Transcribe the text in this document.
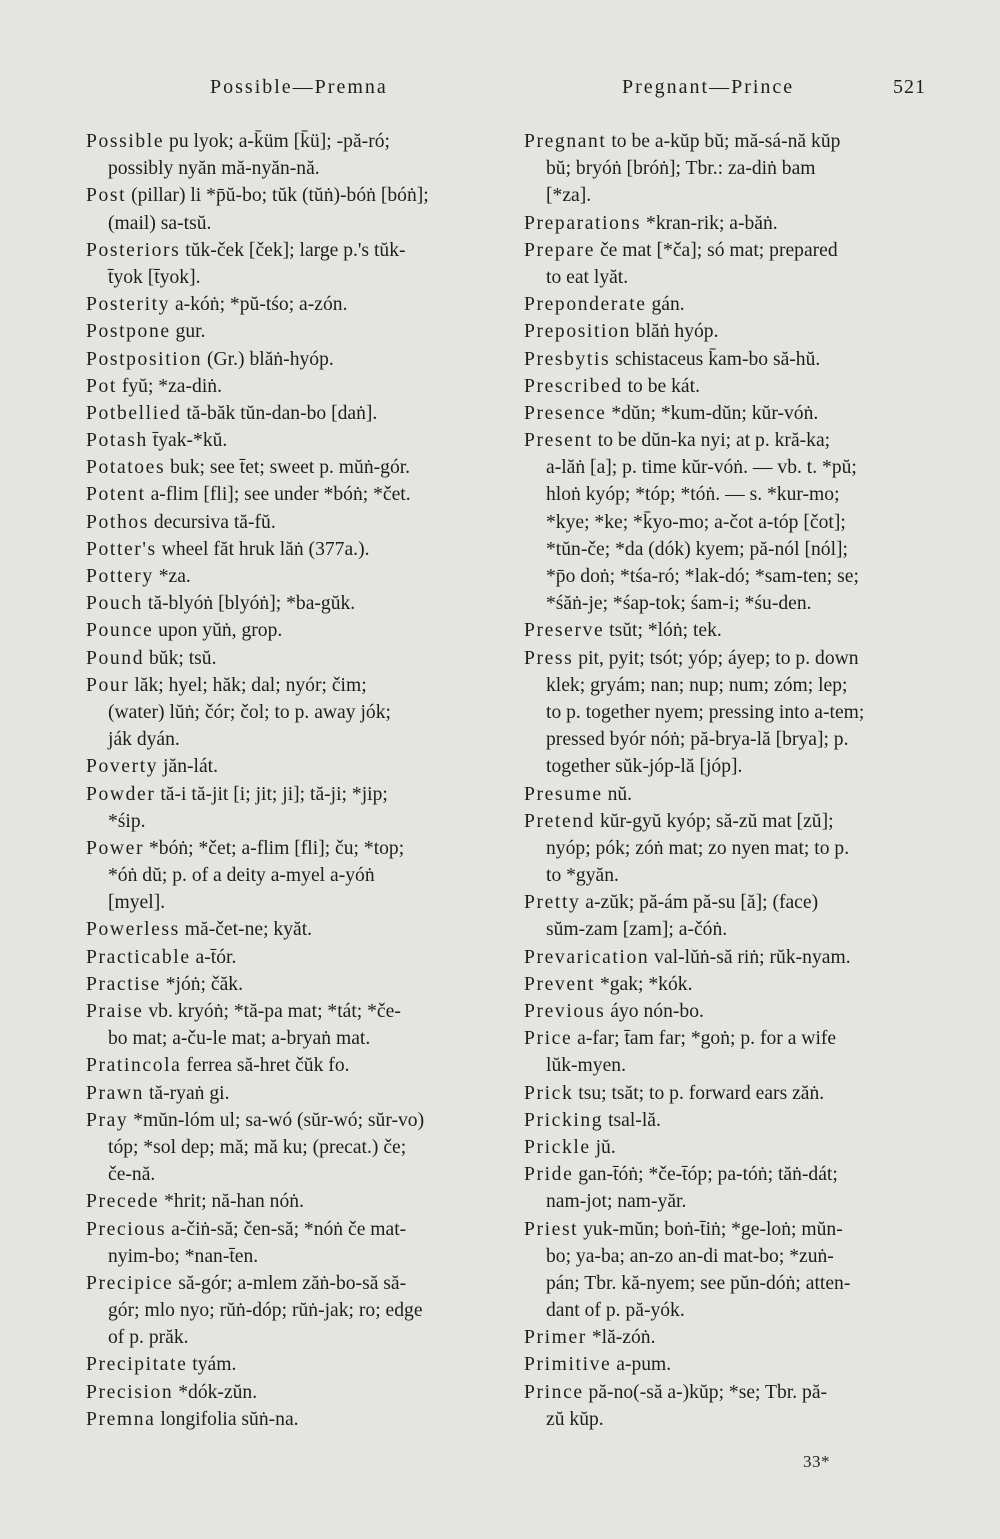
Possible—Premna	Pregnant—Prince	521
Possible pu lyok; a-k̄üm [k̄ü]; -pă-ró;
possibly nyăn mă-nyăn-nă.
Post (pillar) li *p̄ŭ-bo; tŭk (tŭṅ)-bóṅ [bóṅ];
(mail) sa-tsŭ.
Posteriors tŭk-ček [ček]; large p.'s tŭk-
t̄yok [t̄yok].
Posterity a-kóṅ; *pŭ-tśo; a-zón.
Postpone gur.
Postposition (Gr.) blăṅ-hyóp.
Pot fyŭ; *za-diṅ.
Potbellied tă-băk tŭn-dan-bo [daṅ].
Potash t̄yak-*kŭ.
Potatoes buk; see t̄et; sweet p. mŭṅ-gór.
Potent a-flim [fli]; see under *bóṅ; *čet.
Pothos decursiva tă-fŭ.
Potter's wheel făt hruk lăṅ (377a.).
Pottery *za.
Pouch tă-blyóṅ [blyóṅ]; *ba-gŭk.
Pounce upon yŭṅ, grop.
Pound bŭk; tsŭ.
Pour lăk; hyel; hăk; dal; nyór; čim;
(water) lŭṅ; čór; čol; to p. away jók;
ják dyán.
Poverty jăn-lát.
Powder tă-i tă-jit [i; jit; ji]; tă-ji; *jip;
*śip.
Power *bóṅ; *čet; a-flim [fli]; ču; *top;
*óṅ dŭ; p. of a deity a-myel a-yóṅ
[myel].
Powerless mă-čet-ne; kyăt.
Practicable a-t̄ór.
Practise *jóṅ; čăk.
Praise vb. kryóṅ; *tă-pa mat; *tát; *če-
bo mat; a-ču-le mat; a-bryaṅ mat.
Pratincola ferrea să-hret čŭk fo.
Prawn tă-ryaṅ gi.
Pray *mŭn-lóm ul; sa-wó (sŭr-wó; sŭr-vo)
tóp; *sol dep; mă; mă ku; (precat.) če;
če-nă.
Precede *hrit; nă-han nóṅ.
Precious a-čiṅ-să; čen-să; *nóṅ če mat-
nyim-bo; *nan-t̄en.
Precipice să-gór; a-mlem zăṅ-bo-să să-
gór; mlo nyo; rŭṅ-dóp; rŭṅ-jak; ro; edge
of p. prăk.
Precipitate tyám.
Precision *dók-zŭn.
Premna longifolia sŭṅ-na.
Pregnant to be a-kŭp bŭ; mă-sá-nă kŭp
bŭ; bryóṅ [bróṅ]; Tbr.: za-diṅ bam
[*za].
Preparations *kran-rik; a-băṅ.
Prepare če mat [*ča]; só mat; prepared
to eat lyăt.
Preponderate gán.
Preposition blăṅ hyóp.
Presbytis schistaceus k̄am-bo să-hŭ.
Prescribed to be kát.
Presence *dŭn; *kum-dŭn; kŭr-vóṅ.
Present to be dŭn-ka nyi; at p. kră-ka;
a-lăṅ [a]; p. time kŭr-vóṅ. — vb. t. *pŭ;
hloṅ kyóp; *tóp; *tóṅ. — s. *kur-mo;
*kye; *ke; *k̄yo-mo; a-čot a-tóp [čot];
*tŭn-če; *da (dók) kyem; pă-nól [nól];
*p̄o doṅ; *tśa-ró; *lak-dó; *sam-ten; se;
*śăṅ-je; *śap-tok; śam-i; *śu-den.
Preserve tsŭt; *lóṅ; tek.
Press pit, pyit; tsót; yóp; áyep; to p. down
klek; gryám; nan; nup; num; zóm; lep;
to p. together nyem; pressing into a-tem;
pressed byór nóṅ; pă-brya-lă [brya]; p.
together sŭk-jóp-lă [jóp].
Presume nŭ.
Pretend kŭr-gyŭ kyóp; să-zŭ mat [zŭ];
nyóp; pók; zóṅ mat; zo nyen mat; to p.
to *gyăn.
Pretty a-zŭk; pă-ám pă-su [ă]; (face)
sŭm-zam [zam]; a-čóṅ.
Prevarication val-lŭṅ-să riṅ; rŭk-nyam.
Prevent *gak; *kók.
Previous áyo nón-bo.
Price a-far; t̄am far; *goṅ; p. for a wife
lŭk-myen.
Prick tsu; tsăt; to p. forward ears zăṅ.
Pricking tsal-lă.
Prickle jŭ.
Pride gan-t̄óṅ; *če-t̄óp; pa-tóṅ; tăṅ-dát;
nam-jot; nam-yăr.
Priest yuk-mŭn; boṅ-t̄iṅ; *ge-loṅ; mŭn-
bo; ya-ba; an-zo an-di mat-bo; *zuṅ-
pán; Tbr. kă-nyem; see pŭn-dóṅ; atten-
dant of p. pă-yók.
Primer *lă-zóṅ.
Primitive a-pum.
Prince pă-no(-să a-)kŭp; *se; Tbr. pă-
zŭ kŭp.
33*
